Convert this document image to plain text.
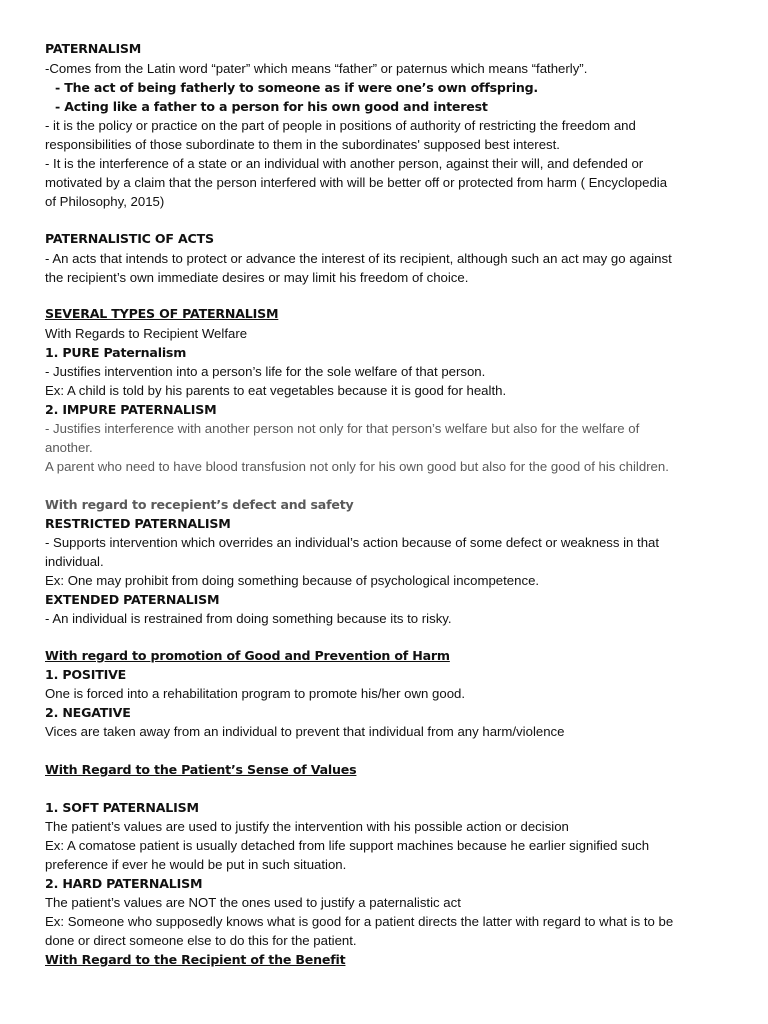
PATERNALISM
-Comes from the Latin word “pater” which means “father” or paternus which means “fatherly”.
- The act of being fatherly to someone as if were one’s own offspring.
- Acting like a father to a person for his own good and interest
- it is the policy or practice on the part of people in positions of authority of restricting the freedom and
responsibilities of those subordinate to them in the subordinates' supposed best interest.
- It is the interference of a state or an individual with another person, against their will, and defended or
motivated by a claim that the person interfered with will be better off or protected from harm ( Encyclopedia
of Philosophy, 2015)
PATERNALISTIC OF ACTS
- An acts that intends to protect or advance the interest of its recipient, although such an act may go against
the recipient’s own immediate desires or may limit his freedom of choice.
SEVERAL TYPES OF PATERNALISM
With Regards to Recipient Welfare
1. PURE Paternalism
- Justifies intervention into a person’s life for the sole welfare of that person.
Ex: A child is told by his parents to eat vegetables because it is good for health.
2. IMPURE PATERNALISM
- Justifies interference with another person not only for that person’s welfare but also for the welfare of
another.
A parent who need to have blood transfusion not only for his own good but also for the good of his children.
With regard to recepient’s defect and safety
RESTRICTED PATERNALISM
- Supports intervention which overrides an individual’s action because of some defect or weakness in that
individual.
Ex: One may prohibit from doing something because of psychological incompetence.
EXTENDED PATERNALISM
- An individual is restrained from doing something because its to risky.
With regard to promotion of Good and Prevention of Harm
1. POSITIVE
One is forced into a rehabilitation program to promote his/her own good.
2. NEGATIVE
Vices are taken away from an individual to prevent that individual from any harm/violence
With Regard to the Patient’s Sense of Values
1. SOFT PATERNALISM
The patient’s values are used to justify the intervention with his possible action or decision
Ex: A comatose patient is usually detached from life support machines because he earlier signified such
preference if ever he would be put in such situation.
2. HARD PATERNALISM
The patient’s values are NOT the ones used to justify a paternalistic act
Ex: Someone who supposedly knows what is good for a patient directs the latter with regard to what is to be
done or direct someone else to do this for the patient.
With Regard to the Recipient of the Benefit
